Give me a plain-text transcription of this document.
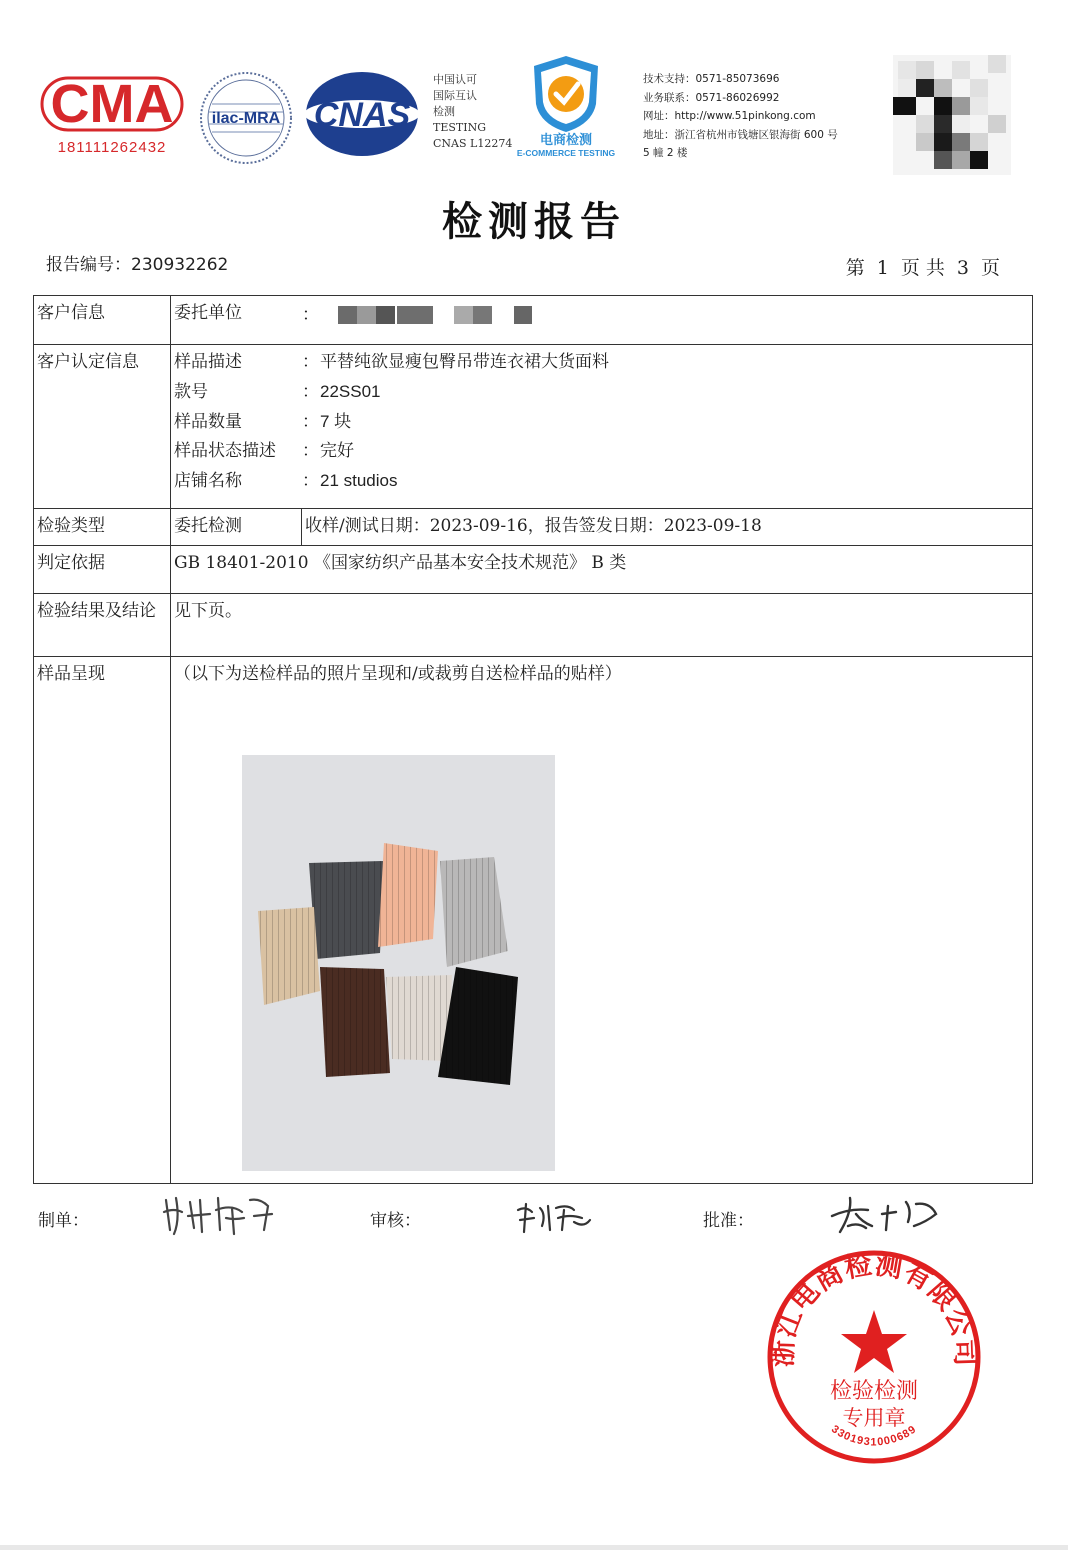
CMA
181111262432
ilac-MRA CNAS
中国认可
国际互认
检测
TESTING
CNAS L12274 电商检测
E-COMMERCE TESTING
技术支持：0571-85073696
业务联系：0571-86026992
网址：http://www.51pinkong.com
地址：浙江省杭州市钱塘区银海街 600 号
5 幢 2 楼
检测报告
报告编号：230932262	第 1 页 共 3 页
客户信息	委托单位	：

客户认定信息 样品描述	：平替纯欲显瘦包臀吊带连衣裙大货面料
款号	：22SS01
样品数量	：7 块
样品状态描述 ：完好
店铺名称	：21 studios
检验类型	委托检测	收样/测试日期：2023-09-16，报告签发日期：2023-09-18
判定依据	GB 18401-2010 《国家纺织产品基本安全技术规范》 B 类
检验结果及结论	见下页。
样品呈现	（以下为送检样品的照片呈现和/或裁剪自送检样品的贴样）
制单：	审核：	批准：
浙江电商检测有限公司
检验检测
专用章
3301931000689
